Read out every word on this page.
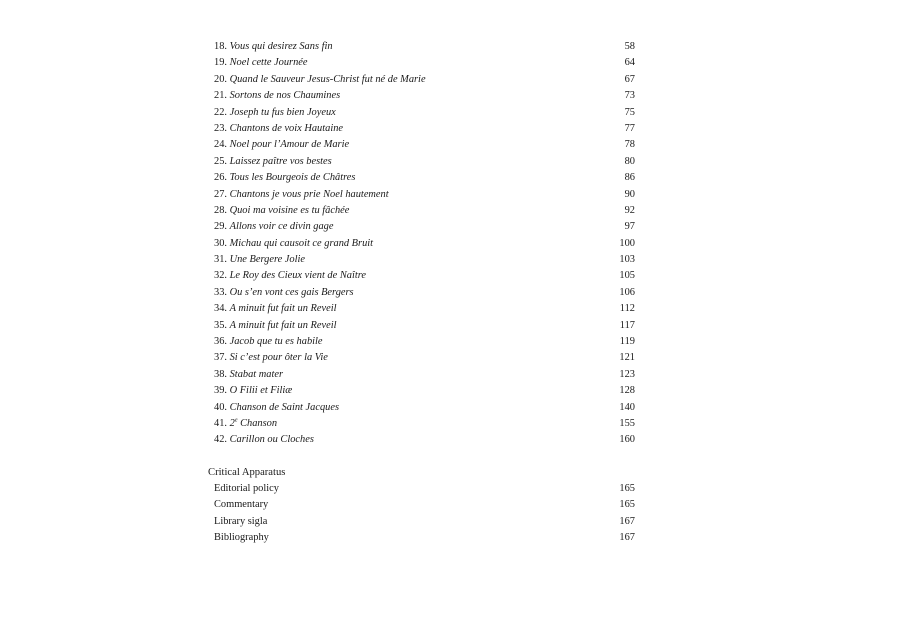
18. Vous qui desirez Sans fin	58
19. Noel cette Journée	64
20. Quand le Sauveur Jesus-Christ fut né de Marie	67
21. Sortons de nos Chaumines	73
22. Joseph tu fus bien Joyeux	75
23. Chantons de voix Hautaine	77
24. Noel pour l’Amour de Marie	78
25. Laissez paître vos bestes	80
26. Tous les Bourgeois de Châtres	86
27. Chantons je vous prie Noel hautement	90
28. Quoi ma voisine es tu fâchée	92
29. Allons voir ce divin gage	97
30. Michau qui causoit ce grand Bruit	100
31. Une Bergere Jolie	103
32. Le Roy des Cieux vient de Naître	105
33. Ou s’en vont ces gais Bergers	106
34. A minuit fut fait un Reveil	112
35. A minuit fut fait un Reveil	117
36. Jacob que tu es habile	119
37. Si c’est pour ôter la Vie	121
38. Stabat mater	123
39. O Filii et Filiæ	128
40. Chanson de Saint Jacques	140
41. 2e Chanson	155
42. Carillon ou Cloches	160
Critical Apparatus
Editorial policy	165
Commentary	165
Library sigla	167
Bibliography	167
